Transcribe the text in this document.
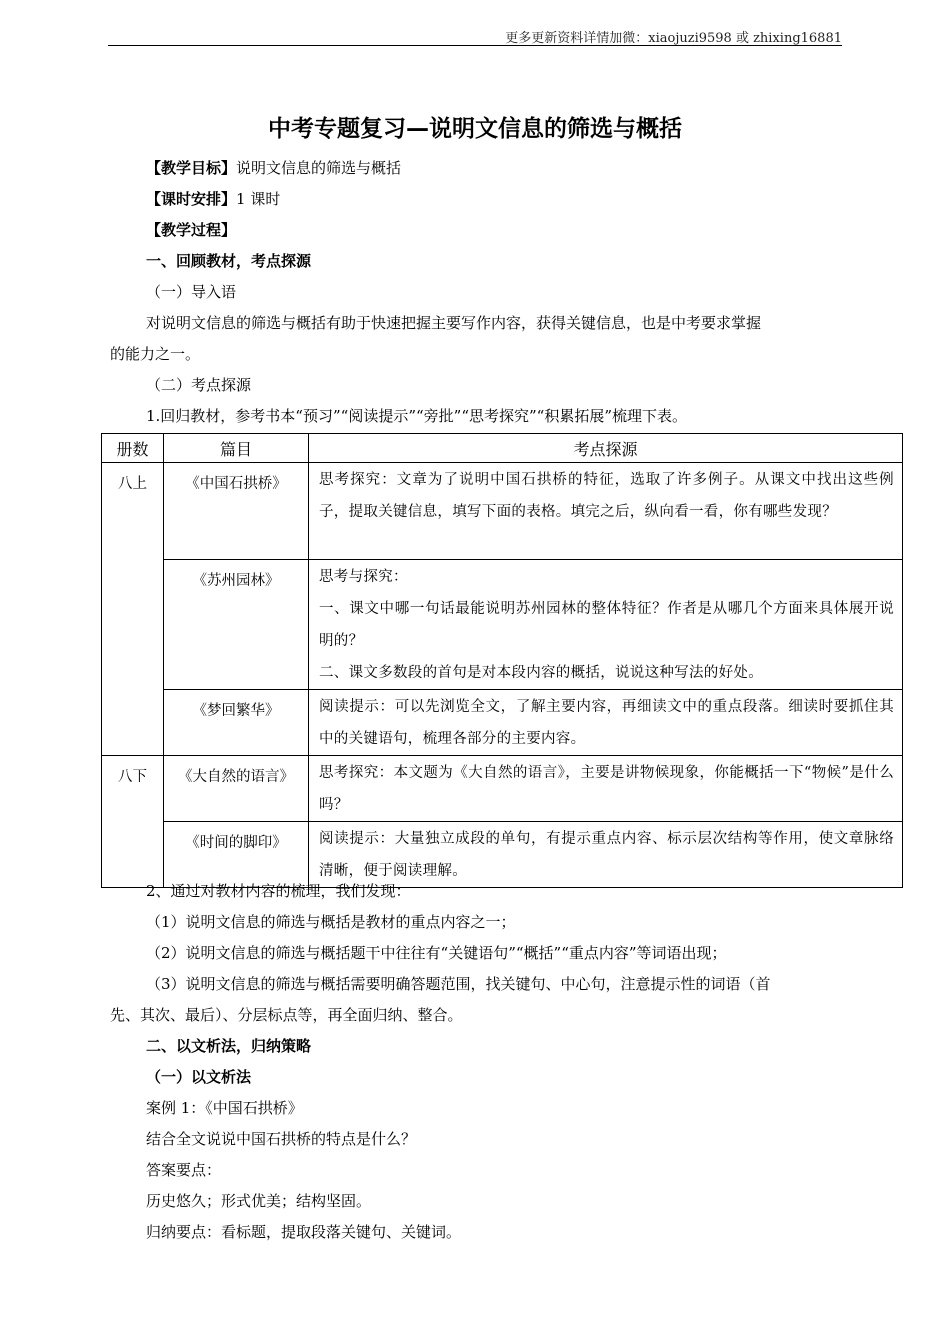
更多更新资料详情加微：xiaojuzi9598 或 zhixing16881
中考专题复习—说明文信息的筛选与概括
【教学目标】说明文信息的筛选与概括
【课时安排】1 课时
【教学过程】
一、回顾教材，考点探源
（一）导入语
对说明文信息的筛选与概括有助于快速把握主要写作内容，获得关键信息，也是中考要求掌握
的能力之一。
（二）考点探源
1.回归教材，参考书本“预习”“阅读提示”“旁批”“思考探究”“积累拓展”梳理下表。
册数	篇目	考点探源
八上	《中国石拱桥》	思考探究：文章为了说明中国石拱桥的特征，选取了许多例子。从课文中找出这些例子，提取关键信息，填写下面的表格。填完之后，纵向看一看，你有哪些发现？

	《苏州园林》	思考与探究：
一、课文中哪一句话最能说明苏州园林的整体特征？作者是从哪几个方面来具体展开说明的？
二、课文多数段的首句是对本段内容的概括，说说这种写法的好处。

	《梦回繁华》	阅读提示：可以先浏览全文，了解主要内容，再细读文中的重点段落。细读时要抓住其中的关键语句，梳理各部分的主要内容。

八下	《大自然的语言》	思考探究：本文题为《大自然的语言》，主要是讲物候现象，你能概括一下“物候”是什么吗？

	《时间的脚印》	阅读提示：大量独立成段的单句，有提示重点内容、标示层次结构等作用，使文章脉络清晰，便于阅读理解。
2、通过对教材内容的梳理，我们发现：
（1）说明文信息的筛选与概括是教材的重点内容之一；
（2）说明文信息的筛选与概括题干中往往有“关键语句”“概括”“重点内容”等词语出现；
（3）说明文信息的筛选与概括需要明确答题范围，找关键句、中心句，注意提示性的词语（首
先、其次、最后）、分层标点等，再全面归纳、整合。
二、以文析法，归纳策略
（一）以文析法
案例 1：《中国石拱桥》
结合全文说说中国石拱桥的特点是什么？
答案要点：
历史悠久；形式优美；结构坚固。
归纳要点：看标题，提取段落关键句、关键词。
